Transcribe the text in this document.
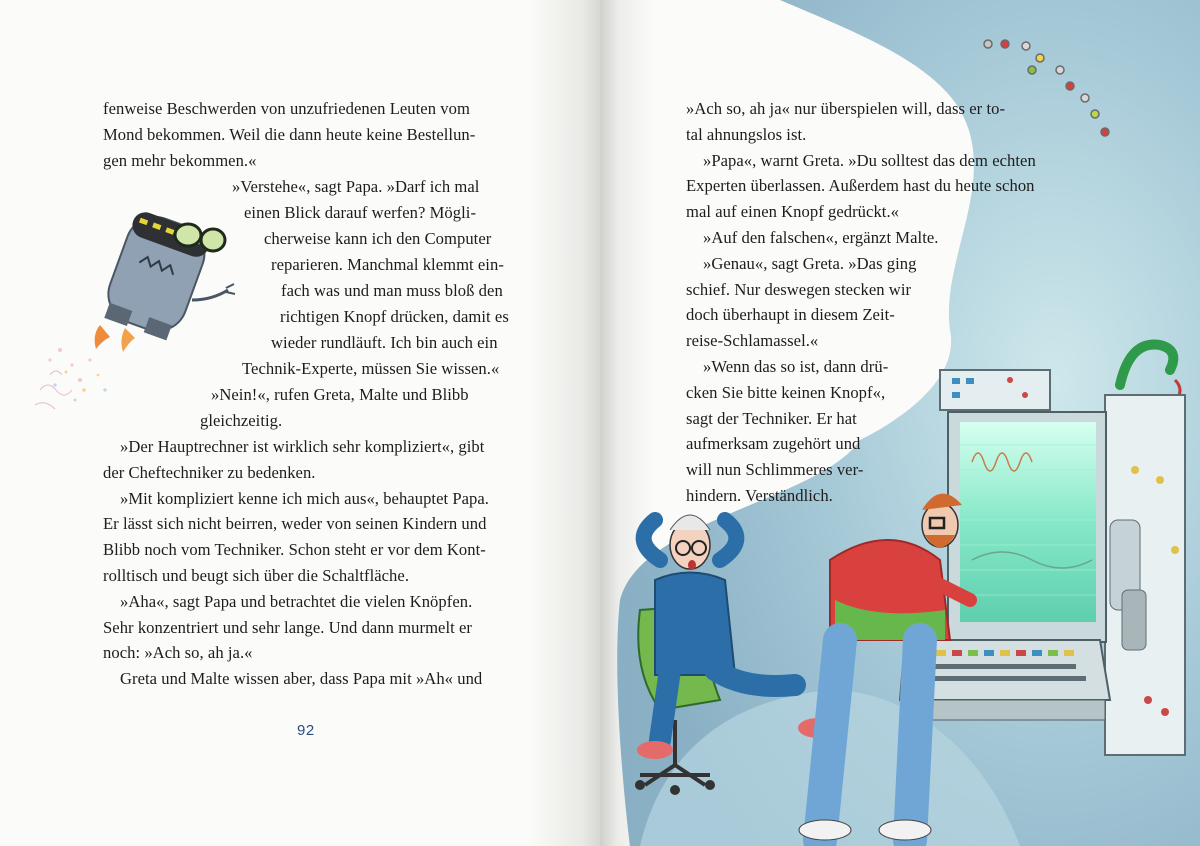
fenweise Beschwerden von unzufriedenen Leuten vom
Mond bekommen. Weil die dann heute keine Bestellun-
gen mehr bekommen.«
»Verstehe«, sagt Papa. »Darf ich mal
einen Blick darauf werfen? Mögli-
cherweise kann ich den Computer
reparieren. Manchmal klemmt ein-
fach was und man muss bloß den
richtigen Knopf drücken, damit es
wieder rundläuft. Ich bin auch ein
Technik-Experte, müssen Sie wissen.«
»Nein!«, rufen Greta, Malte und Blibb
gleichzeitig.
»Der Hauptrechner ist wirklich sehr kompliziert«, gibt
der Cheftechniker zu bedenken.
»Mit kompliziert kenne ich mich aus«, behauptet Papa.
Er lässt sich nicht beirren, weder von seinen Kindern und
Blibb noch vom Techniker. Schon steht er vor dem Kont-
rolltisch und beugt sich über die Schaltfläche.
»Aha«, sagt Papa und betrachtet die vielen Knöpfen.
Sehr konzentriert und sehr lange. Und dann murmelt er
noch: »Ach so, ah ja.«
Greta und Malte wissen aber, dass Papa mit »Ah« und
92
»Ach so, ah ja« nur überspielen will, dass er to-
tal ahnungslos ist.
»Papa«, warnt Greta. »Du solltest das dem echten
Experten überlassen. Außerdem hast du heute schon
mal auf einen Knopf gedrückt.«
»Auf den falschen«, ergänzt Malte.
»Genau«, sagt Greta. »Das ging
schief. Nur deswegen stecken wir
doch überhaupt in diesem Zeit-
reise-Schlamassel.«
»Wenn das so ist, dann drü-
cken Sie bitte keinen Knopf«,
sagt der Techniker. Er hat
aufmerksam zugehört und
will nun Schlimmeres ver-
hindern. Verständlich.
